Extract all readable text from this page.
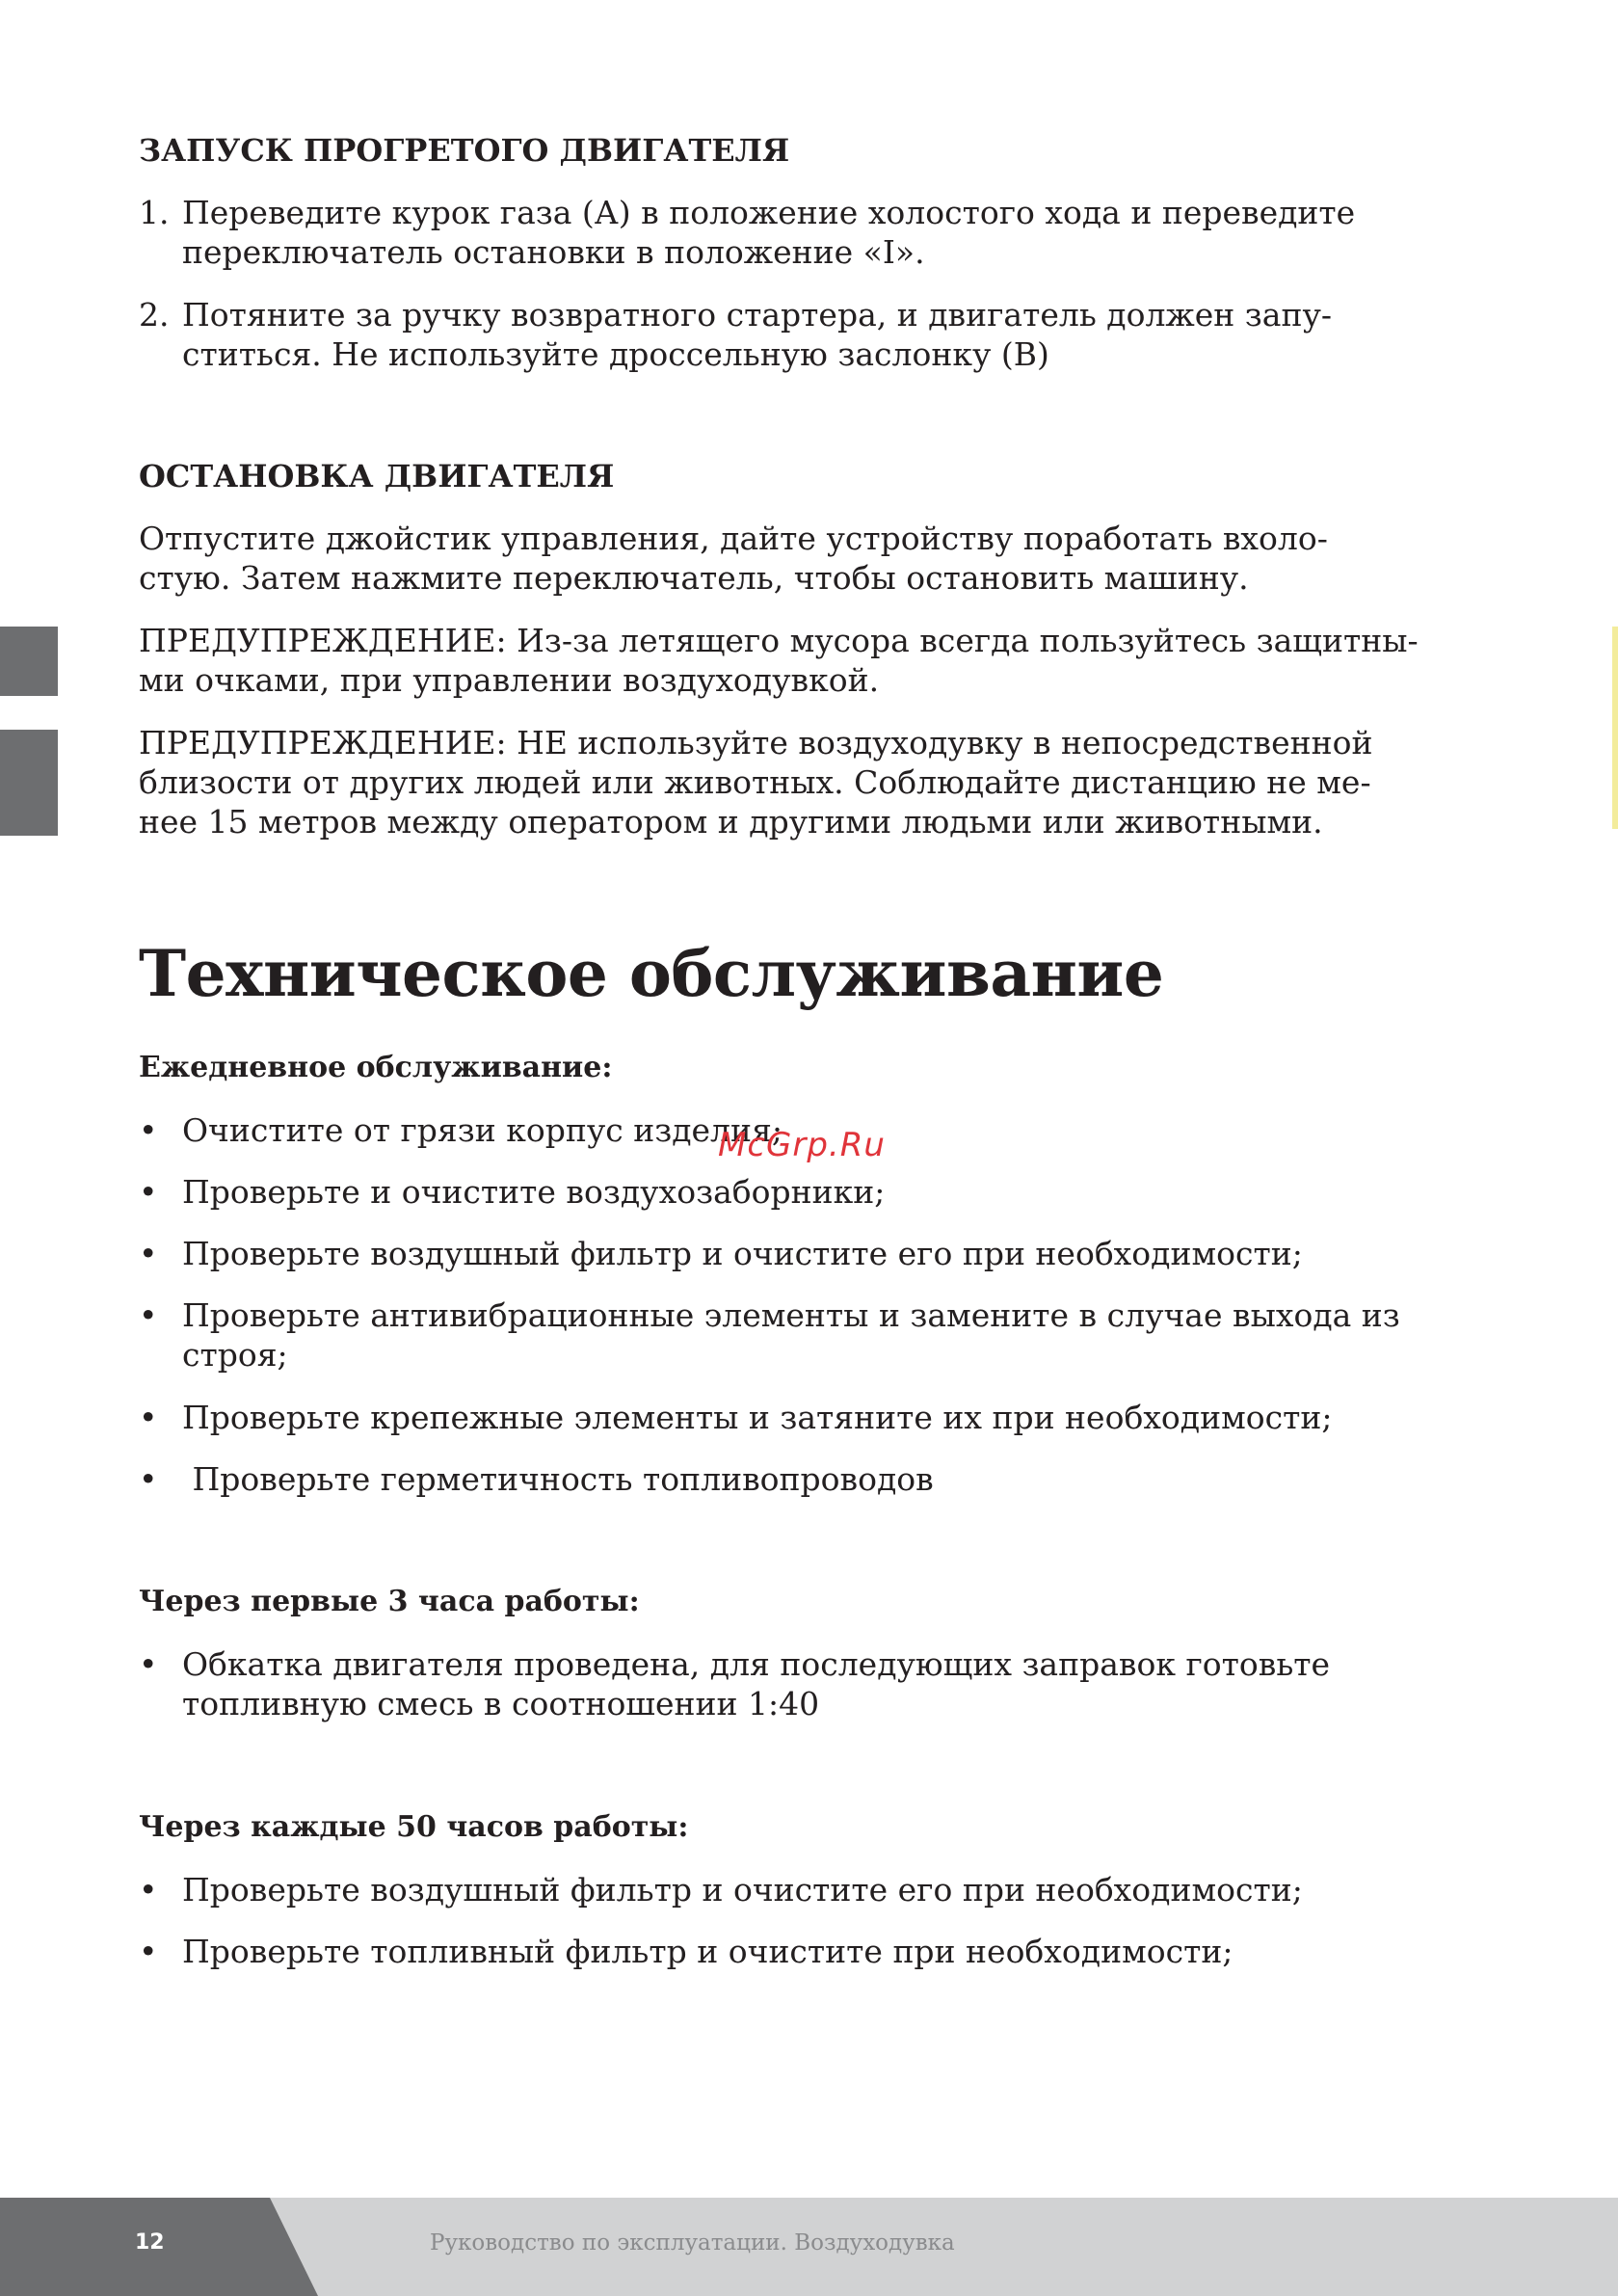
ЗАПУСК ПРОГРЕТОГО ДВИГАТЕЛЯ
1. Переведите курок газа (А) в положение холостого хода и переведите
переключатель остановки в положение «I».
2. Потяните за ручку возвратного стартера, и двигатель должен запу-
ститься. Не используйте дроссельную заслонку (В)
ОСТАНОВКА ДВИГАТЕЛЯ
Отпустите джойстик управления, дайте устройству поработать вхоло-
стую. Затем нажмите переключатель, чтобы остановить машину.
ПРЕДУПРЕЖДЕНИЕ: Из-за летящего мусора всегда пользуйтесь защитны-
ми очками, при управлении воздуходувкой.
ПРЕДУПРЕЖДЕНИЕ: НЕ используйте воздуходувку в непосредственной
близости от других людей или животных. Соблюдайте дистанцию не ме-
нее 15 метров между оператором и другими людьми или животными.
Техническое обслуживание
Ежедневное обслуживание:
• Очистите от грязи корпус изделия;
• Проверьте и очистите воздухозаборники;
• Проверьте воздушный фильтр и очистите его при необходимости;
• Проверьте антивибрационные элементы и замените в случае выхода из
строя;
• Проверьте крепежные элементы и затяните их при необходимости;
• Проверьте герметичность топливопроводов
Через первые 3 часа работы:
• Обкатка двигателя проведена, для последующих заправок готовьте
топливную смесь в соотношении 1:40
Через каждые 50 часов работы:
• Проверьте воздушный фильтр и очистите его при необходимости;
• Проверьте топливный фильтр и очистите при необходимости;
McGrp.Ru
12	Руководство по эксплуатации. Воздуходувка
